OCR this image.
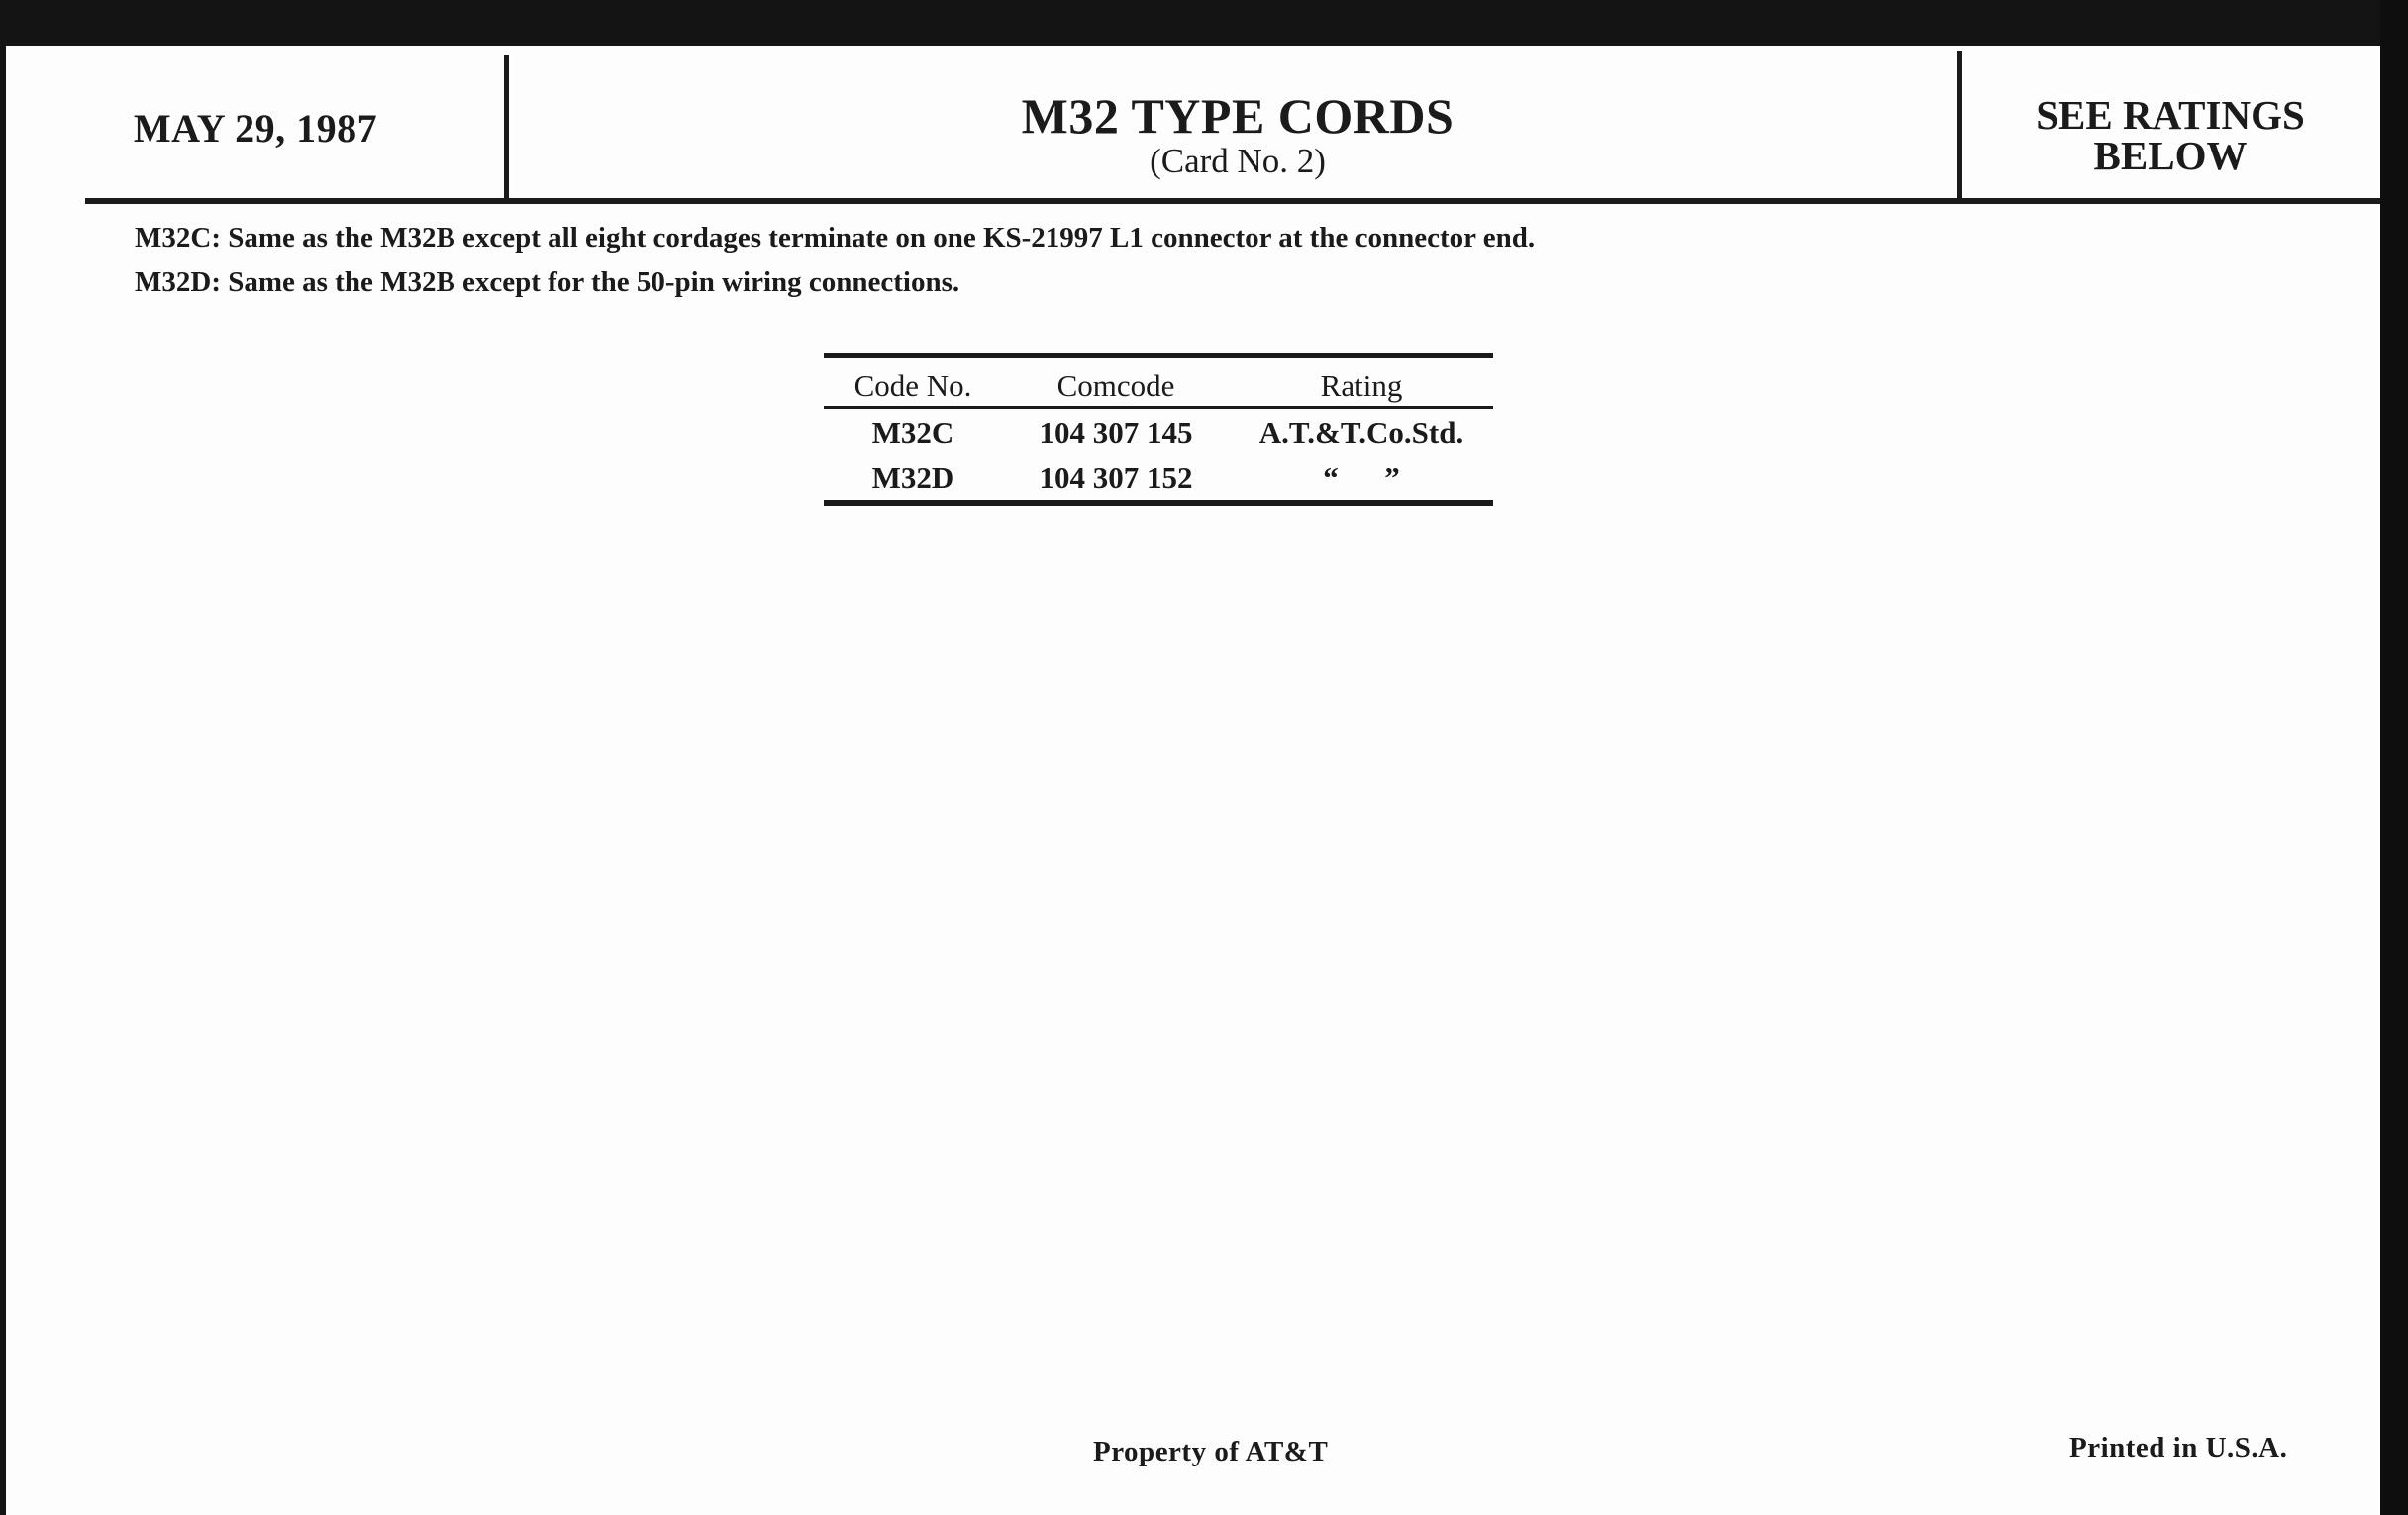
MAY 29, 1987	M32 TYPE CORDS
(Card No. 2)
SEE RATINGS
BELOW
M32C: Same as the M32B except all eight cordages terminate on one KS-21997 L1 connector at the connector end.
M32D: Same as the M32B except for the 50-pin wiring connections.
Code No.	Comcode	Rating
M32C	104 307 145	A.T.&T.Co.Std.
M32D	104 307 152	“      ”
Property of AT&T	Printed in U.S.A.
